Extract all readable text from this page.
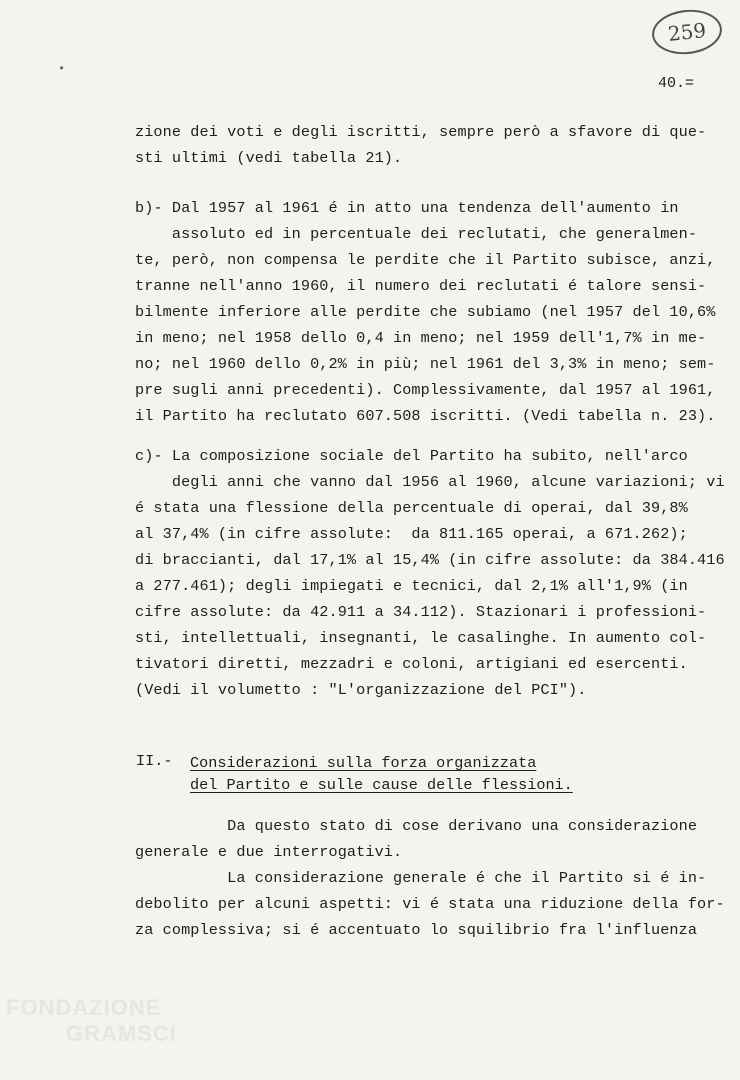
259
40.=
•
zione dei voti e degli iscritti, sempre però a sfavore di que-
sti ultimi (vedi tabella 21).
b)- Dal 1957 al 1961 é in atto una tendenza dell'aumento in
assoluto ed in percentuale dei reclutati, che generalmen-
te, però, non compensa le perdite che il Partito subisce, anzi,
tranne nell'anno 1960, il numero dei reclutati é talore sensi-
bilmente inferiore alle perdite che subiamo (nel 1957 del 10,6%
in meno; nel 1958 dello 0,4 in meno; nel 1959 dell'1,7% in me-
no; nel 1960 dello 0,2% in più; nel 1961 del 3,3% in meno; sem-
pre sugli anni precedenti). Complessivamente, dal 1957 al 1961,
il Partito ha reclutato 607.508 iscritti. (Vedi tabella n. 23).
c)- La composizione sociale del Partito ha subito, nell'arco
degli anni che vanno dal 1956 al 1960, alcune variazioni; vi
é stata una flessione della percentuale di operai, dal 39,8%
al 37,4% (in cifre assolute:  da 811.165 operai, a 671.262);
di braccianti, dal 17,1% al 15,4% (in cifre assolute: da 384.416
a 277.461); degli impiegati e tecnici, dal 2,1% all'1,9% (in
cifre assolute: da 42.911 a 34.112). Stazionari i professioni-
sti, intellettuali, insegnanti, le casalinghe. In aumento col-
tivatori diretti, mezzadri e coloni, artigiani ed esercenti.
(Vedi il volumetto : "L'organizzazione del PCI").
II.- Considerazioni sulla forza organizzata
del Partito e sulle cause delle flessioni.
Da questo stato di cose derivano una considerazione
generale e due interrogativi.
La considerazione generale é che il Partito si é in-
debolito per alcuni aspetti: vi é stata una riduzione della for-
za complessiva; si é accentuato lo squilibrio fra l'influenza
FONDAZIONE
GRAMSCI
